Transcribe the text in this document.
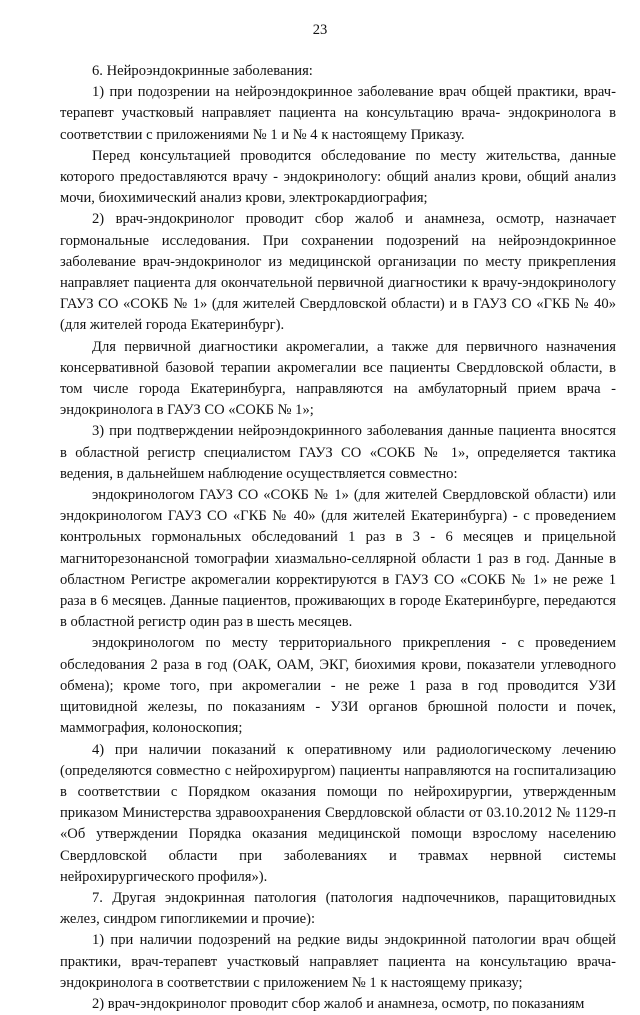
23

6. Нейроэндокринные заболевания:

1) при подозрении на нейроэндокринное заболевание врач общей практики, врач-терапевт участковый направляет пациента на консультацию врача- эндокринолога в соответствии с приложениями № 1 и № 4 к настоящему Приказу.

Перед консультацией проводится обследование по месту жительства, данные которого предоставляются врачу - эндокринологу: общий анализ крови, общий анализ мочи, биохимический анализ крови, электрокардиография;

2) врач-эндокринолог проводит сбор жалоб и анамнеза, осмотр, назначает гормональные исследования. При сохранении подозрений на нейроэндокринное заболевание врач-эндокринолог из медицинской организации по месту прикрепления направляет пациента для окончательной первичной диагностики к врачу-эндокринологу ГАУЗ СО «СОКБ № 1» (для жителей Свердловской области) и в ГАУЗ СО «ГКБ № 40» (для жителей города Екатеринбург).

Для первичной диагностики акромегалии, а также для первичного назначения консервативной базовой терапии акромегалии все пациенты Свердловской области, в том числе города Екатеринбурга, направляются на амбулаторный прием врача - эндокринолога в ГАУЗ СО «СОКБ № 1»;

3) при подтверждении нейроэндокринного заболевания данные пациента вносятся в областной регистр специалистом ГАУЗ СО «СОКБ № 1», определяется тактика ведения, в дальнейшем наблюдение осуществляется совместно:

эндокринологом ГАУЗ СО «СОКБ № 1» (для жителей Свердловской области) или эндокринологом ГАУЗ СО «ГКБ № 40» (для жителей Екатеринбурга) - с проведением контрольных гормональных обследований 1 раз в 3 - 6 месяцев и прицельной магниторезонансной томографии хиазмально-селлярной области 1 раз в год. Данные в областном Регистре акромегалии корректируются в ГАУЗ СО «СОКБ № 1» не реже 1 раза в 6 месяцев. Данные пациентов, проживающих в городе Екатеринбурге, передаются в областной регистр один раз в шесть месяцев.

эндокринологом по месту территориального прикрепления - с проведением обследования 2 раза в год (ОАК, ОАМ, ЭКГ, биохимия крови, показатели углеводного обмена); кроме того, при акромегалии - не реже 1 раза в год проводится УЗИ щитовидной железы, по показаниям - УЗИ органов брюшной полости и почек, маммография, колоноскопия;

4) при наличии показаний к оперативному или радиологическому лечению (определяются совместно с нейрохирургом) пациенты направляются на госпитализацию в соответствии с Порядком оказания помощи по нейрохирургии, утвержденным приказом Министерства здравоохранения Свердловской области от 03.10.2012 № 1129-п «Об утверждении Порядка оказания медицинской помощи взрослому населению Свердловской области при заболеваниях и травмах нервной системы нейрохирургического профиля»).

7. Другая эндокринная патология (патология надпочечников, паращитовидных желез, синдром гипогликемии и прочие):

1) при наличии подозрений на редкие виды эндокринной патологии врач общей практики, врач-терапевт участковый направляет пациента на консультацию врача-эндокринолога в соответствии с приложением № 1 к настоящему приказу;

2) врач-эндокринолог проводит сбор жалоб и анамнеза, осмотр, по показаниям
